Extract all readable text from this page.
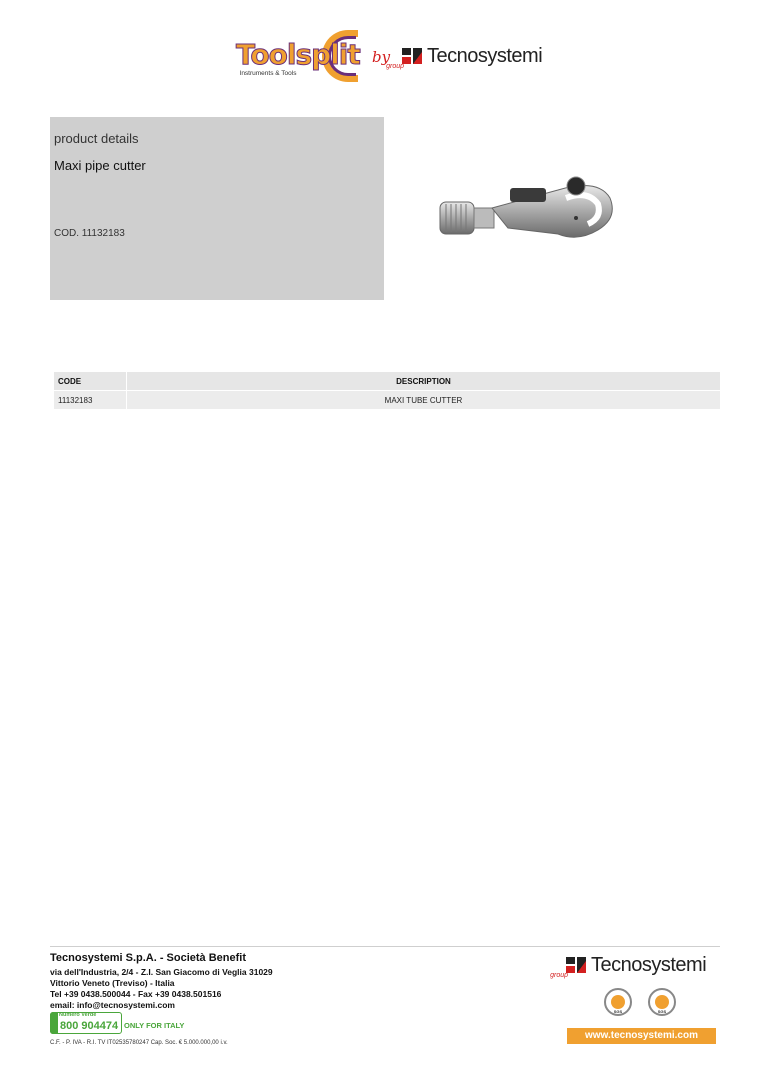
Toolsplit
Instruments & Tools
by Tecnosystemi
group
product details
Maxi pipe cutter
COD. 11132183
CODE	DESCRIPTION
11132183	MAXI TUBE CUTTER
Tecnosystemi S.p.A. - Società Benefit
via dell'Industria, 2/4 - Z.I. San Giacomo di Veglia 31029
Vittorio Veneto (Treviso) - Italia
Tel +39 0438.500044 - Fax +39 0438.501516
email: info@tecnosystemi.com
Numero Verde
800 904474 ONLY FOR ITALY
C.F. - P. IVA - R.I. TV IT02535780247 Cap. Soc. € 5.000.000,00 i.v.
Tecnosystemi
group
SGS	SGS
www.tecnosystemi.com
